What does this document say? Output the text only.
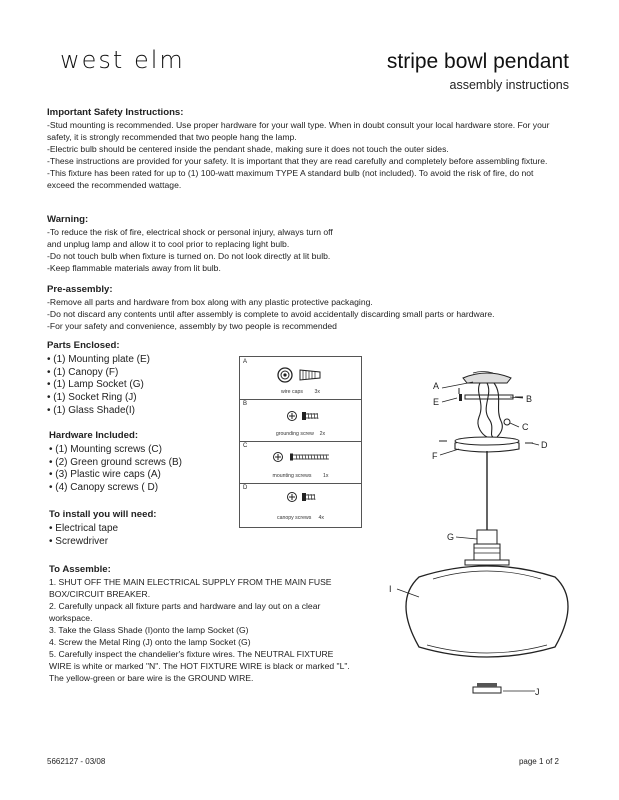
west elm	stripe bowl pendant
assembly instructions
Important Safety Instructions:

-Stud mounting is recommended. Use proper hardware for your wall type. When in doubt consult your local hardware store. For your safety, it is strongly recommended that two people hang the lamp.

-Electric bulb should be centered inside the pendant shade, making sure it does not touch the outer sides.

-These instructions are provided for your safety. It is important that they are read carefully and completely before assembling fixture.

-This fixture has been rated for up to (1) 100-watt maximum TYPE A standard bulb (not included). To avoid the risk of fire, do not exceed the recommended wattage.

Warning:

-To reduce the risk of fire, electrical shock or personal injury, always turn off

and unplug lamp and allow it to cool prior to replacing light bulb.

-Do not touch bulb when fixture is turned on. Do not look directly at lit bulb.

-Keep flammable materials away from lit bulb.

Pre-assembly:

-Remove all parts and hardware from box along with any plastic protective packaging.

-Do not discard any contents until after assembly is complete to avoid accidentally discarding small parts or hardware.

-For your safety and convenience, assembly by two people is recommended

Parts Enclosed:
• (1) Mounting plate (E)
• (1) Canopy (F)
• (1) Lamp Socket (G)
• (1) Socket Ring (J)
• (1) Glass Shade(I)
Hardware Included:
• (1) Mounting screws (C)
• (2) Green ground screws (B)
• (3) Plastic wire caps (A)
• (4) Canopy screws ( D)
To install you will need:
• Electrical tape
• Screwdriver
A
wire caps        3x
B
grounding screw    2x
C
mounting screws        1x
D
canopy screws     4x
To Assemble:

1. SHUT OFF THE MAIN ELECTRICAL SUPPLY FROM THE MAIN FUSE

BOX/CIRCUIT BREAKER.

2. Carefully unpack all fixture parts and hardware and lay out on a clear

workspace.

3. Take the Glass Shade (I)onto the lamp Socket (G)

4. Screw the Metal Ring (J) onto the lamp Socket (G)

5. Carefully inspect the chandelier's fixture wires. The NEUTRAL FIXTURE

WIRE is white or marked "N". The HOT FIXTURE WIRE is black or marked "L".

The yellow-green or bare wire is the GROUND WIRE.

A
E	B
C
D
F
G
I
J
5662127 - 03/08	page 1 of 2
